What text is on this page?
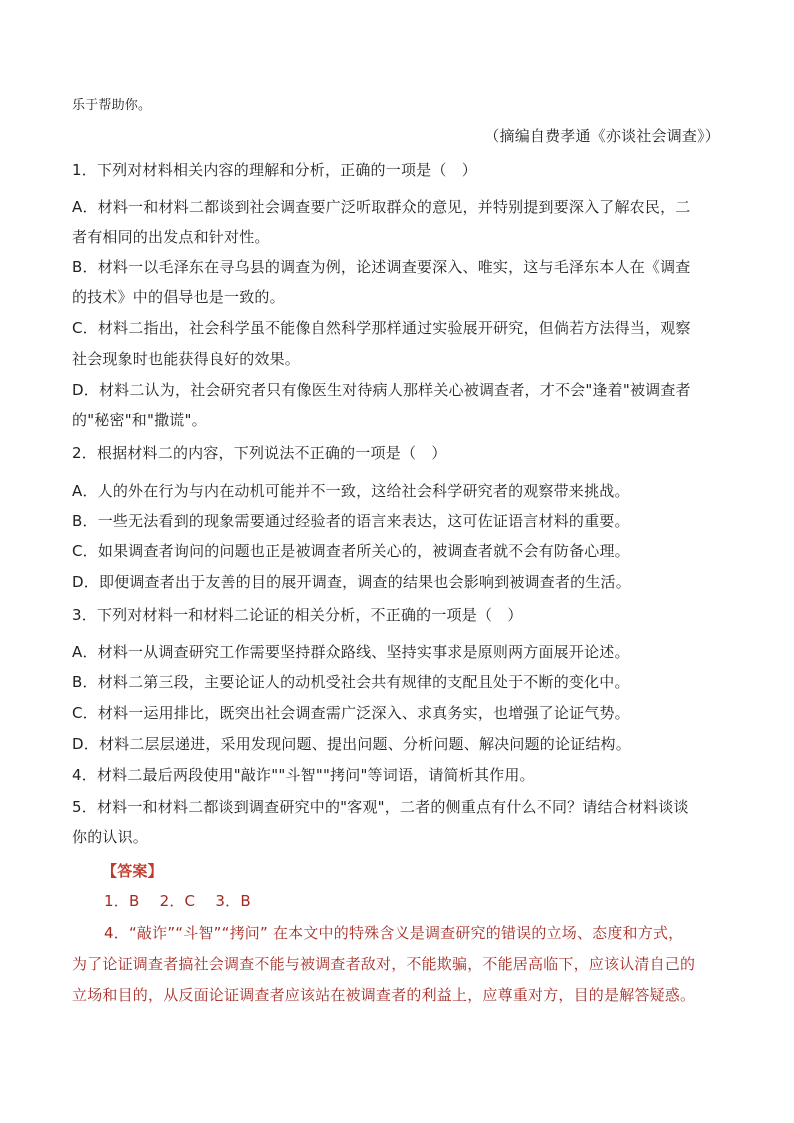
乐于帮助你。
（摘编自费孝通《亦谈社会调查》）
1．下列对材料相关内容的理解和分析，正确的一项是（　）
A．材料一和材料二都谈到社会调查要广泛听取群众的意见，并特别提到要深入了解农民，二
者有相同的出发点和针对性。
B．材料一以毛泽东在寻乌县的调查为例，论述调查要深入、唯实，这与毛泽东本人在《调查
的技术》中的倡导也是一致的。
C．材料二指出，社会科学虽不能像自然科学那样通过实验展开研究，但倘若方法得当，观察
社会现象时也能获得良好的效果。
D．材料二认为，社会研究者只有像医生对待病人那样关心被调查者，才不会"逢着"被调查者
的"秘密"和"撒谎"。
2．根据材料二的内容，下列说法不正确的一项是（　）
A．人的外在行为与内在动机可能并不一致，这给社会科学研究者的观察带来挑战。
B．一些无法看到的现象需要通过经验者的语言来表达，这可佐证语言材料的重要。
C．如果调查者询问的问题也正是被调查者所关心的，被调查者就不会有防备心理。
D．即便调查者出于友善的目的展开调查，调查的结果也会影响到被调查者的生活。
3．下列对材料一和材料二论证的相关分析，不正确的一项是（　）
A．材料一从调查研究工作需要坚持群众路线、坚持实事求是原则两方面展开论述。
B．材料二第三段，主要论证人的动机受社会共有规律的支配且处于不断的变化中。
C．材料一运用排比，既突出社会调查需广泛深入、求真务实，也增强了论证气势。
D．材料二层层递进，采用发现问题、提出问题、分析问题、解决问题的论证结构。
4．材料二最后两段使用"敲诈""斗智""拷问"等词语，请简析其作用。
5．材料一和材料二都谈到调查研究中的"客观"，二者的侧重点有什么不同？请结合材料谈谈
你的认识。
【答案】
1．B　 2．C　 3．B
4．“敲诈”“斗智”“拷问” 在本文中的特殊含义是调查研究的错误的立场、态度和方式，
为了论证调查者搞社会调查不能与被调查者敌对，不能欺骗，不能居高临下，应该认清自己的
立场和目的，从反面论证调查者应该站在被调查者的利益上，应尊重对方，目的是解答疑惑。
